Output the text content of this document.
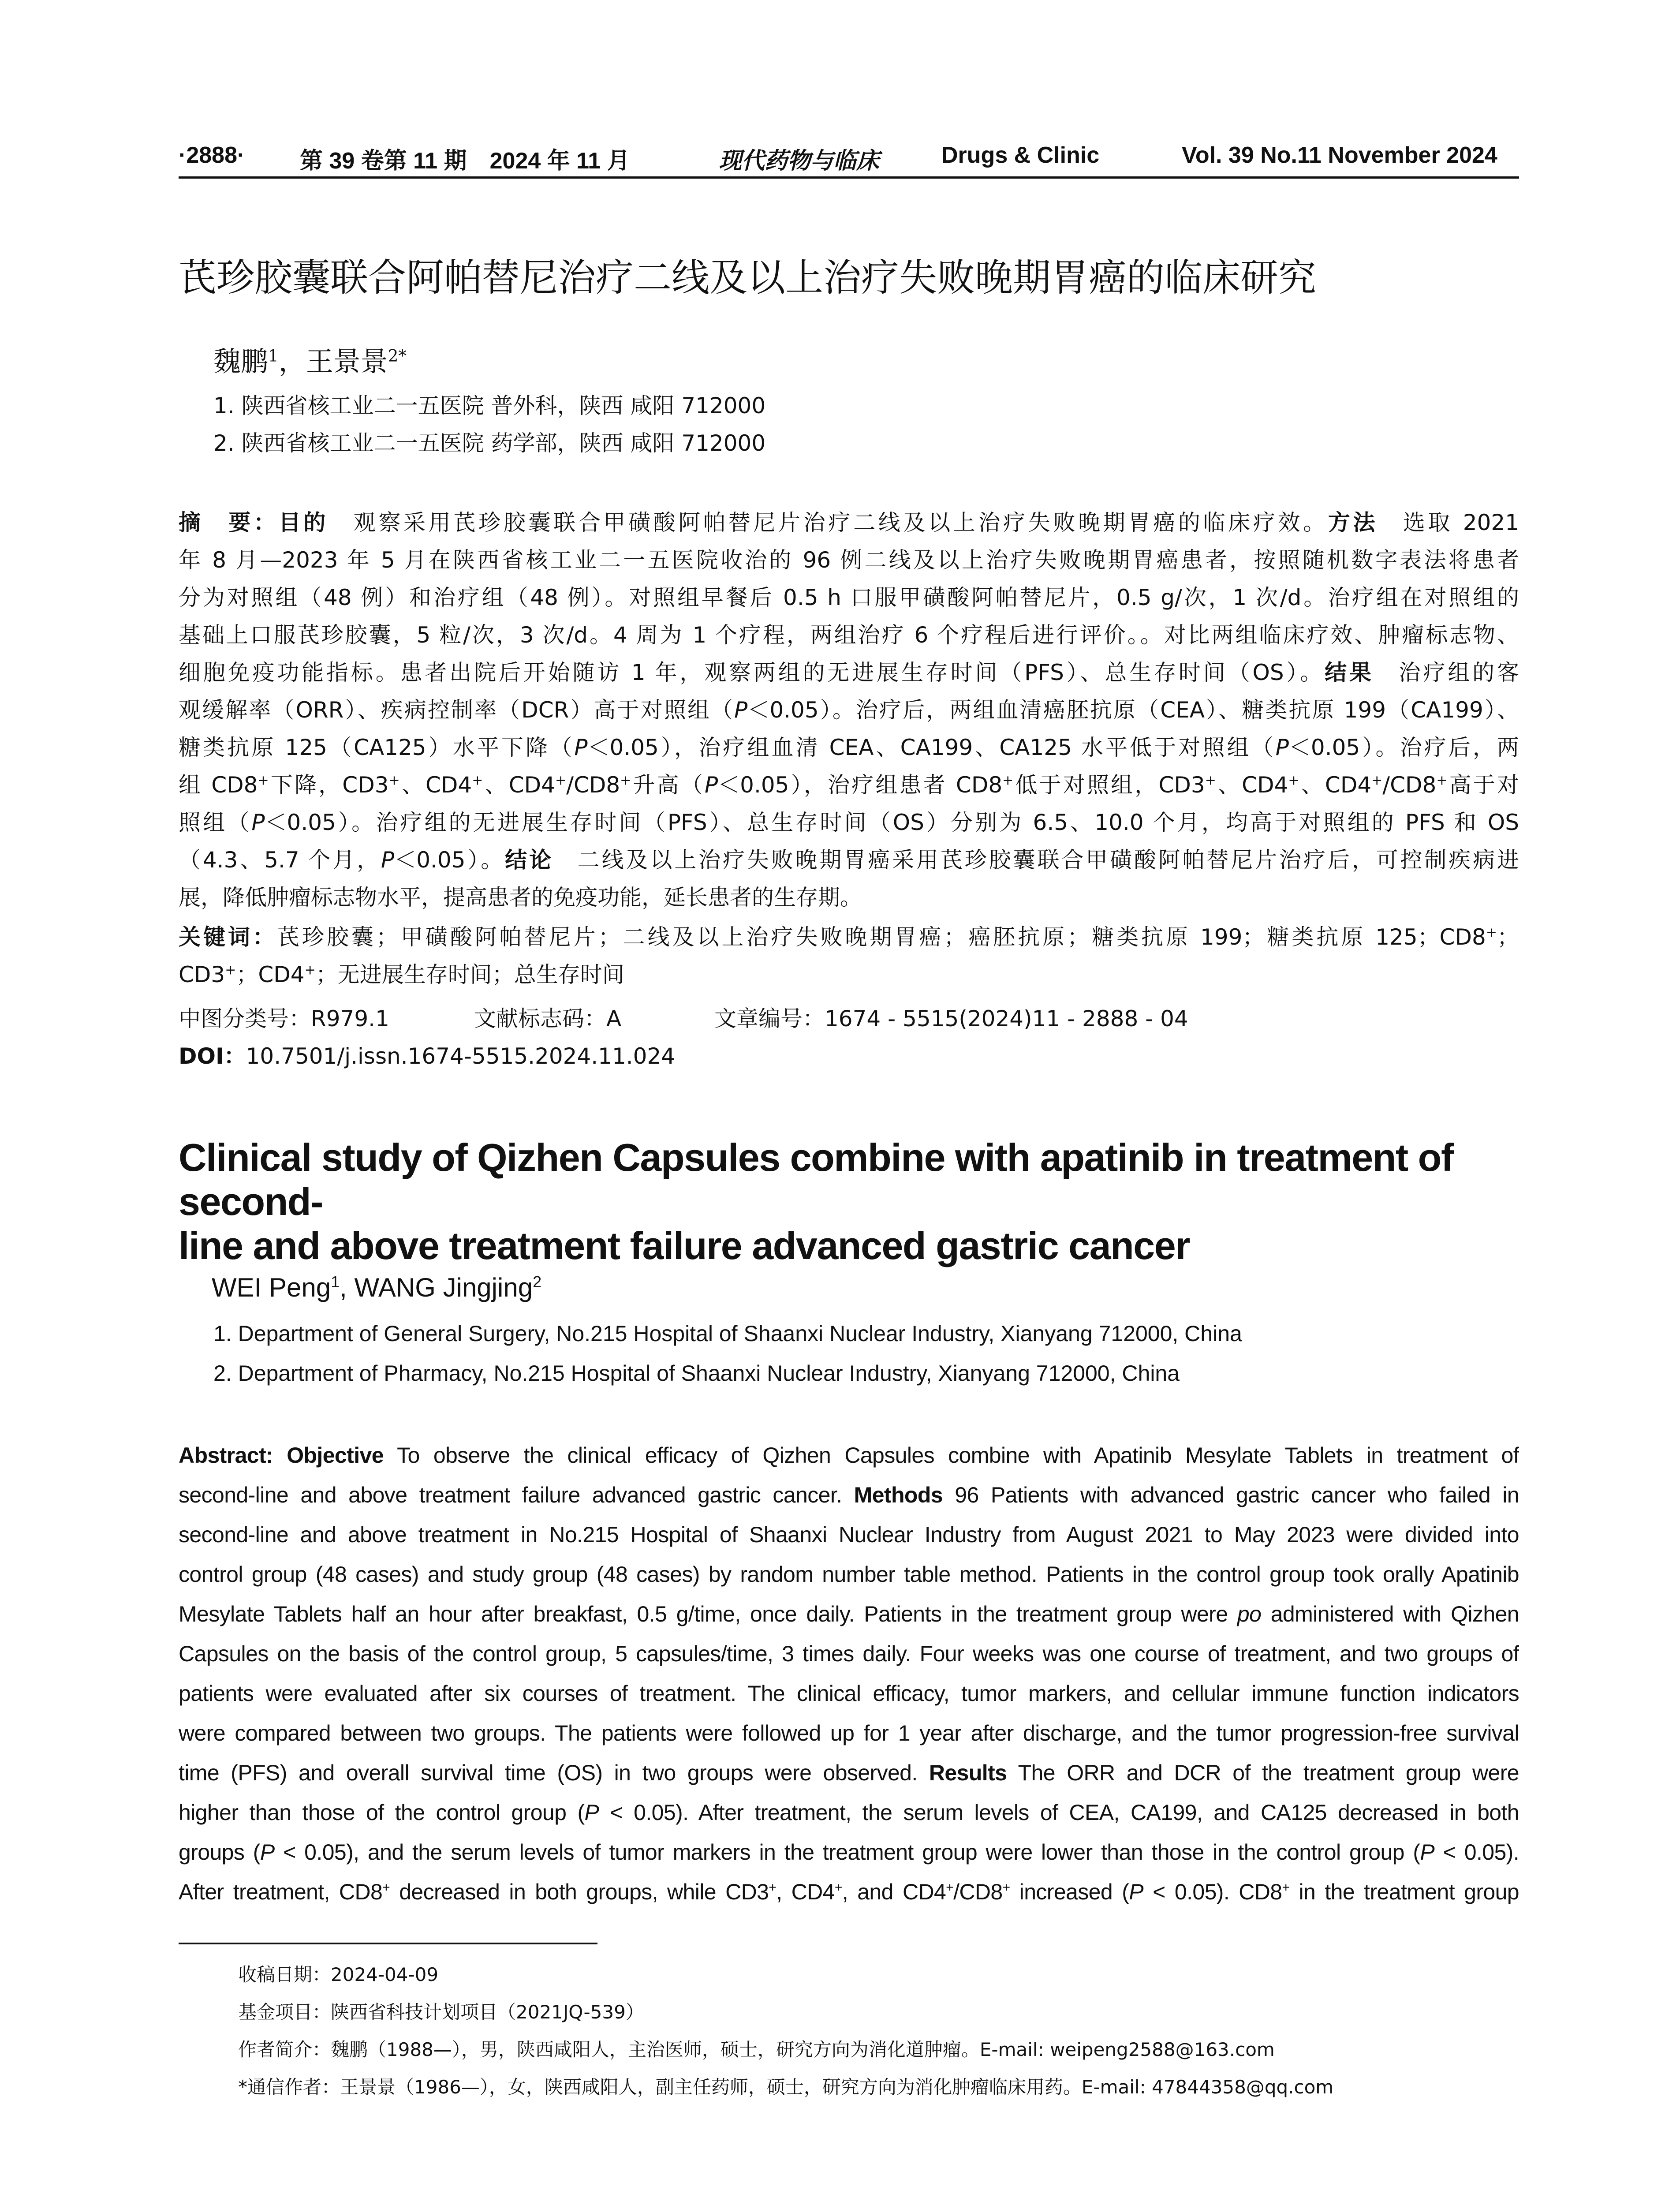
·2888· 第 39 卷第 11 期　2024 年 11 月	现代药物与临床	Drugs & Clinic	Vol. 39 No.11 November 2024
芪珍胶囊联合阿帕替尼治疗二线及以上治疗失败晚期胃癌的临床研究
魏鹏$^1$，王景景$^{2*}$
1. 陕西省核工业二一五医院 普外科，陕西 咸阳 712000
2. 陕西省核工业二一五医院 药学部，陕西 咸阳 712000
摘　要：目的　观察采用芪珍胶囊联合甲磺酸阿帕替尼片治疗二线及以上治疗失败晚期胃癌的临床疗效。方法　选取 2021
年 8 月—2023 年 5 月在陕西省核工业二一五医院收治的 96 例二线及以上治疗失败晚期胃癌患者，按照随机数字表法将患者
分为对照组（48 例）和治疗组（48 例）。对照组早餐后 0.5 h 口服甲磺酸阿帕替尼片，0.5 g/次，1 次/d。治疗组在对照组的
基础上口服芪珍胶囊，5 粒/次，3 次/d。4 周为 1 个疗程，两组治疗 6 个疗程后进行评价。。对比两组临床疗效、肿瘤标志物、
细胞免疫功能指标。患者出院后开始随访 1 年，观察两组的无进展生存时间（PFS）、总生存时间（OS）。结果　治疗组的客
观缓解率（ORR）、疾病控制率（DCR）高于对照组（P＜0.05）。治疗后，两组血清癌胚抗原（CEA）、糖类抗原 199（CA199）、
糖类抗原 125（CA125）水平下降（P＜0.05），治疗组血清 CEA、CA199、CA125 水平低于对照组（P＜0.05）。治疗后，两
组 CD8+下降，CD3+、CD4+、CD4+/CD8+升高（P＜0.05），治疗组患者 CD8+低于对照组，CD3+、CD4+、CD4+/CD8+高于对
照组（P＜0.05）。治疗组的无进展生存时间（PFS）、总生存时间（OS）分别为 6.5、10.0 个月，均高于对照组的 PFS 和 OS
（4.3、5.7 个月，P＜0.05）。结论　二线及以上治疗失败晚期胃癌采用芪珍胶囊联合甲磺酸阿帕替尼片治疗后，可控制疾病进
展，降低肿瘤标志物水平，提高患者的免疫功能，延长患者的生存期。
关键词：芪珍胶囊；甲磺酸阿帕替尼片；二线及以上治疗失败晚期胃癌；癌胚抗原；糖类抗原 199；糖类抗原 125；CD8+；
CD3+；CD4+；无进展生存时间；总生存时间
中图分类号：R979.1	文献标志码：A	文章编号：1674 - 5515(2024)11 - 2888 - 04
DOI：10.7501/j.issn.1674-5515.2024.11.024
Clinical study of Qizhen Capsules combine with apatinib in treatment of second-
line and above treatment failure advanced gastric cancer
WEI Peng$^1$, WANG Jingjing$^2$
1. Department of General Surgery, No.215 Hospital of Shaanxi Nuclear Industry, Xianyang 712000, China
2. Department of Pharmacy, No.215 Hospital of Shaanxi Nuclear Industry, Xianyang 712000, China
Abstract: Objective To observe the clinical efficacy of Qizhen Capsules combine with Apatinib Mesylate Tablets in treatment of
second-line and above treatment failure advanced gastric cancer. Methods 96 Patients with advanced gastric cancer who failed in
second-line and above treatment in No.215 Hospital of Shaanxi Nuclear Industry from August 2021 to May 2023 were divided into
control group (48 cases) and study group (48 cases) by random number table method. Patients in the control group took orally Apatinib
Mesylate Tablets half an hour after breakfast, 0.5 g/time, once daily. Patients in the treatment group were po administered with Qizhen
Capsules on the basis of the control group, 5 capsules/time, 3 times daily. Four weeks was one course of treatment, and two groups of
patients were evaluated after six courses of treatment. The clinical efficacy, tumor markers, and cellular immune function indicators
were compared between two groups. The patients were followed up for 1 year after discharge, and the tumor progression-free survival
time (PFS) and overall survival time (OS) in two groups were observed. Results The ORR and DCR of the treatment group were
higher than those of the control group (P < 0.05). After treatment, the serum levels of CEA, CA199, and CA125 decreased in both
groups (P < 0.05), and the serum levels of tumor markers in the treatment group were lower than those in the control group (P < 0.05).
After treatment, CD8+ decreased in both groups, while CD3+, CD4+, and CD4+/CD8+ increased (P < 0.05). CD8+ in the treatment group
收稿日期：2024-04-09
基金项目：陕西省科技计划项目（2021JQ-539）
作者简介：魏鹏（1988—），男，陕西咸阳人，主治医师，硕士，研究方向为消化道肿瘤。E-mail: weipeng2588@163.com
*通信作者：王景景（1986—），女，陕西咸阳人，副主任药师，硕士，研究方向为消化肿瘤临床用药。E-mail: 47844358@qq.com
